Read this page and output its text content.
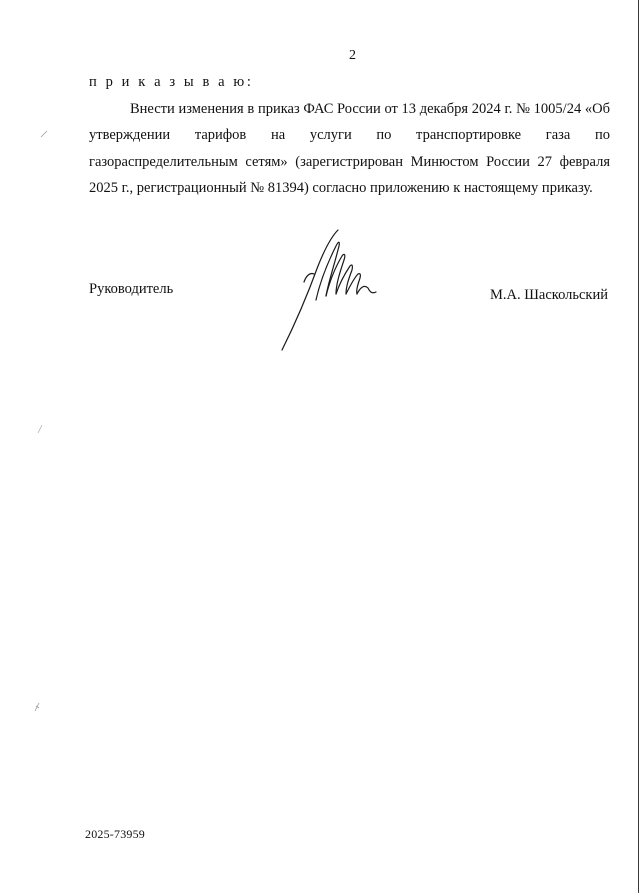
2
п р и к а з ы в а ю:

Внести изменения в приказ ФАС России от 13 декабря 2024 г. № 1005/24 «Об утверждении тарифов на услуги по транспортировке газа по газораспределительным сетям» (зарегистрирован Минюстом России 27 февраля 2025 г., регистрационный № 81394) согласно приложению к настоящему приказу.

Руководитель	М.А. Шаскольский
2025-73959
